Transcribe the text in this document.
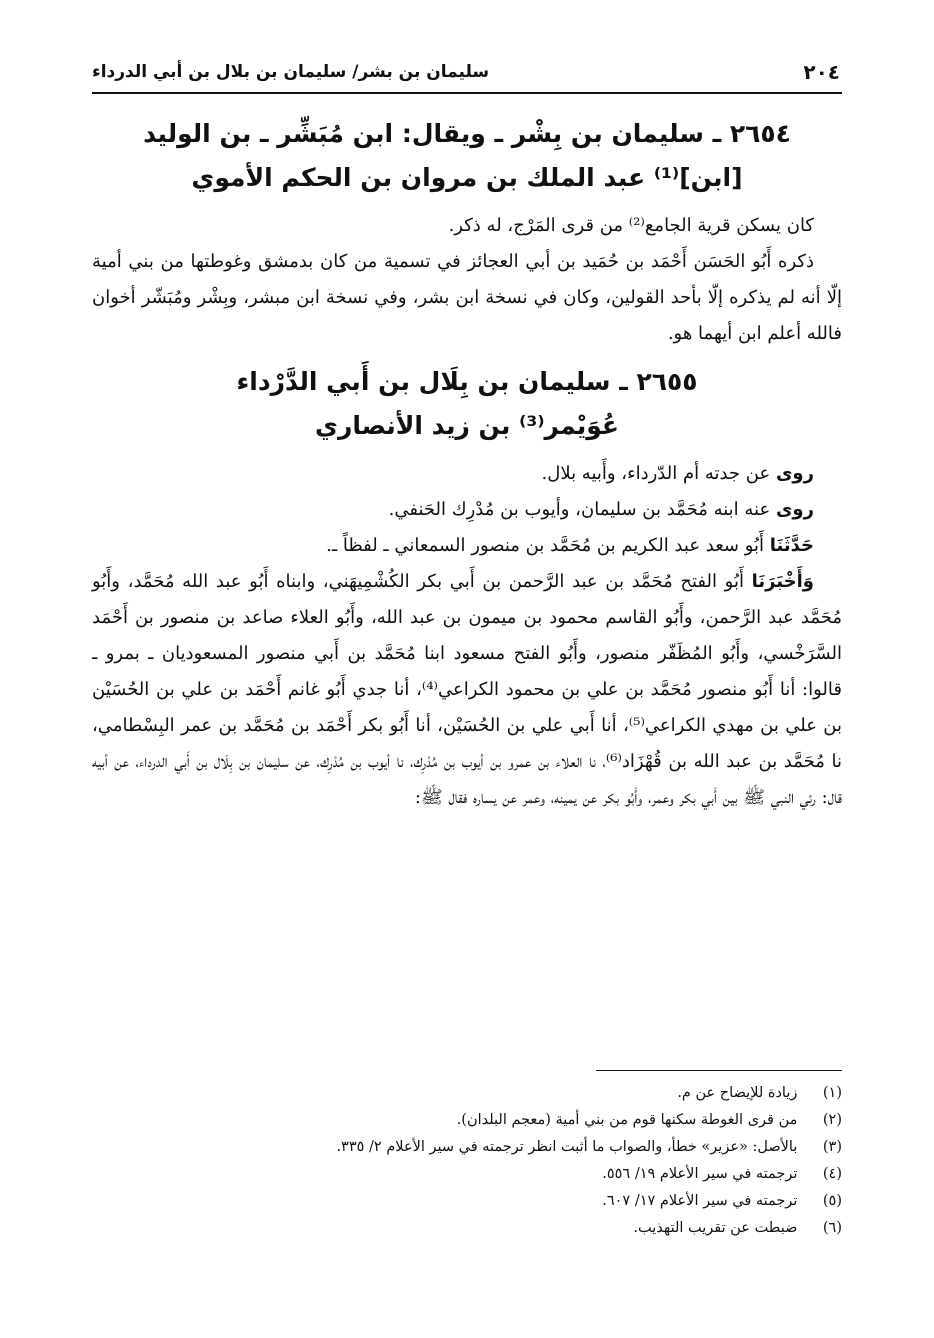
سليمان بن بشر/ سليمان بن بلال بن أبي الدرداء	٢٠٤
٢٦٥٤ ـ سليمان بن بِشْر ـ ويقال: ابن مُبَشِّر ـ بن الوليد
[ابن]⁽¹⁾ عبد الملك بن مروان بن الحكم الأموي

كان يسكن قرية الجامع⁽²⁾ من قرى المَرْج، له ذكر.

ذكره أَبُو الحَسَن أَحْمَد بن حُمَيد بن أبي العجائز في تسمية من كان بدمشق وغوطتها من بني أمية إلّا أنه لم يذكره إلّا بأحد القولين، وكان في نسخة ابن بشر، وفي نسخة ابن مبشر، وبِشْر ومُبَشّر أخوان فالله أعلم ابن أيهما هو.

٢٦٥٥ ـ سليمان بن بِلَال بن أَبي الدَّرْداء
عُوَيْمر⁽³⁾ بن زيد الأنصاري

روى عن جدته أم الدّرداء، وأَبيه بلال.

روى عنه ابنه مُحَمَّد بن سليمان، وأيوب بن مُدْرِك الحَنفي.

حَدَّثَنَا أَبُو سعد عبد الكريم بن مُحَمَّد بن منصور السمعاني ـ لفظاً ـ.

وَأَخْبَرَنَا أَبُو الفتح مُحَمَّد بن عبد الرَّحمن بن أَبي بكر الكُشْمِيهَني، وابناه أَبُو عبد الله مُحَمَّد، وأَبُو مُحَمَّد عبد الرَّحمن، وأَبُو القاسم محمود بن ميمون بن عبد الله، وأَبُو العلاء صاعد بن منصور بن أَحْمَد السَّرَخْسي، وأَبُو المُظَفّر منصور، وأَبُو الفتح مسعود ابنا مُحَمَّد بن أَبي منصور المسعوديان ـ بمرو ـ قالوا: أنا أَبُو منصور مُحَمَّد بن علي بن محمود الكراعي⁽⁴⁾، أنا جدي أَبُو غانم أَحْمَد بن علي بن الحُسَيْن بن علي بن مهدي الكراعي⁽⁵⁾، أنا أَبي علي بن الحُسَيْن، أنا أَبُو بكر أَحْمَد بن مُحَمَّد بن عمر البِسْطامي، نا مُحَمَّد بن عبد الله بن قُهْزَاد⁽⁶⁾، نا العلاء بن عمرو بن أيوب بن مُدْرِك، نا أيوب بن مُدْرِك، عن سليمان بن بِلَال بن أَبي الدرداء، عن أبيه قال: رئي النبي ﷺ بين أَبي بكر وعمر، وأَبُو بكر عن يمينه، وعمر عن يساره فقال ﷺ:

(١) زيادة للإيضاح عن م.

(٢) من قرى الغوطة سكنها قوم من بني أمية (معجم البلدان).

(٣) بالأصل: «عزير» خطأ، والصواب ما أثبت انظر ترجمته في سير الأعلام ٢/ ٣٣٥.

(٤) ترجمته في سير الأعلام ١٩/ ٥٥٦.

(٥) ترجمته في سير الأعلام ١٧/ ٦٠٧.

(٦) ضبطت عن تقريب التهذيب.
